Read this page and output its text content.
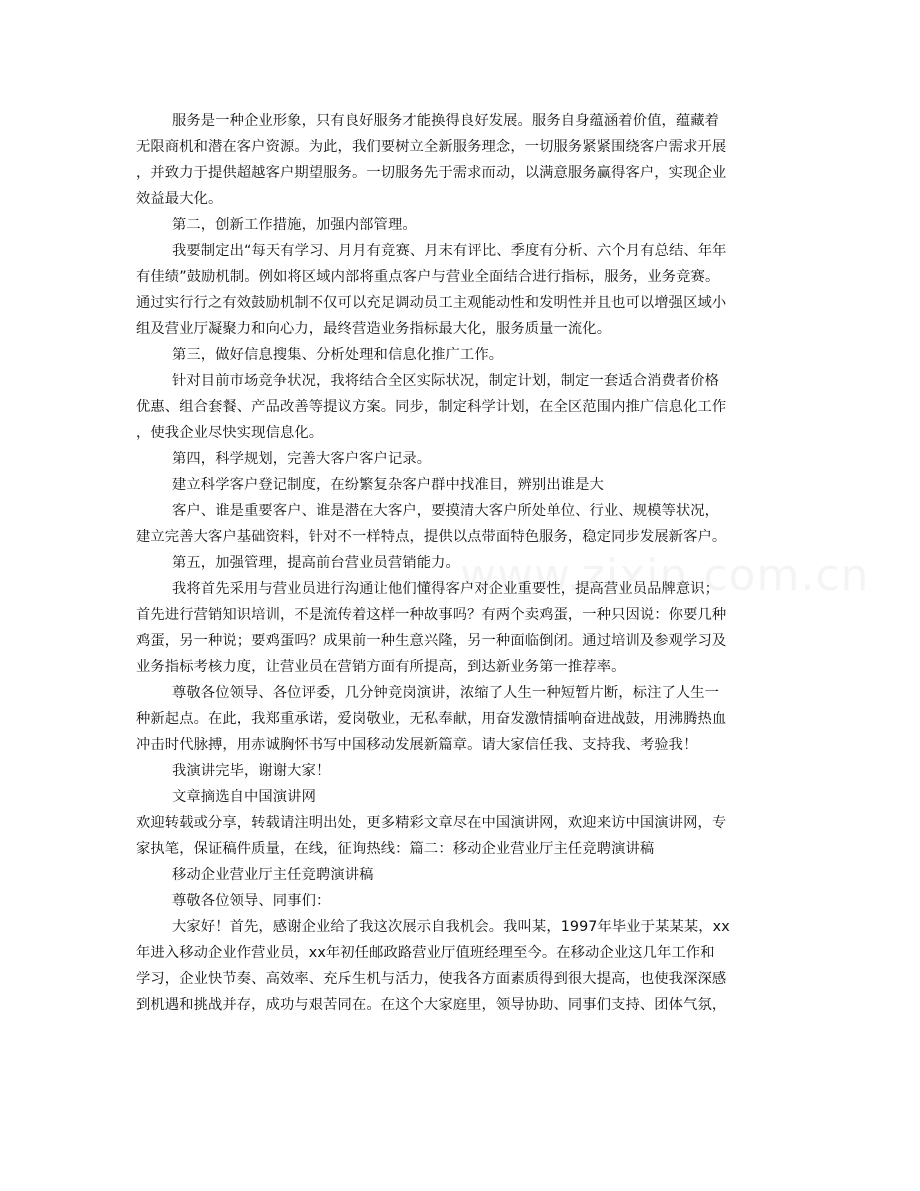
服务是一种企业形象，只有良好服务才能换得良好发展。服务自身蕴涵着价值，蕴藏着
无限商机和潜在客户资源。为此，我们要树立全新服务理念，一切服务紧紧围绕客户需求开展
，并致力于提供超越客户期望服务。一切服务先于需求而动，以满意服务赢得客户，实现企业
效益最大化。

第二，创新工作措施，加强内部管理。

我要制定出“每天有学习、月月有竞赛、月末有评比、季度有分析、六个月有总结、年年
有佳绩”鼓励机制。例如将区域内部将重点客户与营业全面结合进行指标，服务，业务竞赛。
通过实行行之有效鼓励机制不仅可以充足调动员工主观能动性和发明性并且也可以增强区域小
组及营业厅凝聚力和向心力，最终营造业务指标最大化，服务质量一流化。

第三，做好信息搜集、分析处理和信息化推广工作。

针对目前市场竞争状况，我将结合全区实际状况，制定计划，制定一套适合消费者价格
优惠、组合套餐、产品改善等提议方案。同步，制定科学计划，在全区范围内推广信息化工作
，使我企业尽快实现信息化。

第四，科学规划，完善大客户客户记录。

建立科学客户登记制度，在纷繁复杂客户群中找准目，辨别出谁是大

客户、谁是重要客户、谁是潜在大客户，要摸清大客户所处单位、行业、规模等状况，
建立完善大客户基础资料，针对不一样特点，提供以点带面特色服务，稳定同步发展新客户。

第五，加强管理，提高前台营业员营销能力。

我将首先采用与营业员进行沟通让他们懂得客户对企业重要性，提高营业员品牌意识；
首先进行营销知识培训，不是流传着这样一种故事吗？有两个卖鸡蛋，一种只因说：你要几种
鸡蛋，另一种说；要鸡蛋吗？成果前一种生意兴隆，另一种面临倒闭。通过培训及参观学习及
业务指标考核力度，让营业员在营销方面有所提高，到达新业务第一推荐率。

尊敬各位领导、各位评委，几分钟竞岗演讲，浓缩了人生一种短暂片断，标注了人生一
种新起点。在此，我郑重承诺，爱岗敬业，无私奉献，用奋发激情擂响奋进战鼓，用沸腾热血
冲击时代脉搏，用赤诚胸怀书写中国移动发展新篇章。请大家信任我、支持我、考验我！

我演讲完毕，谢谢大家！

文章摘选自中国演讲网

欢迎转载或分享，转载请注明出处，更多精彩文章尽在中国演讲网，欢迎来访中国演讲网，专
家执笔，保证稿件质量，在线，征询热线：篇二：移动企业营业厅主任竞聘演讲稿

移动企业营业厅主任竞聘演讲稿

尊敬各位领导、同事们：

大家好！首先，感谢企业给了我这次展示自我机会。我叫某，1997年毕业于某某某，xx
年进入移动企业作营业员，xx年初任邮政路营业厅值班经理至今。在移动企业这几年工作和
学习，企业快节奏、高效率、充斥生机与活力，使我各方面素质得到很大提高，也使我深深感
到机遇和挑战并存，成功与艰苦同在。在这个大家庭里，领导协助、同事们支持、团体气氛，
